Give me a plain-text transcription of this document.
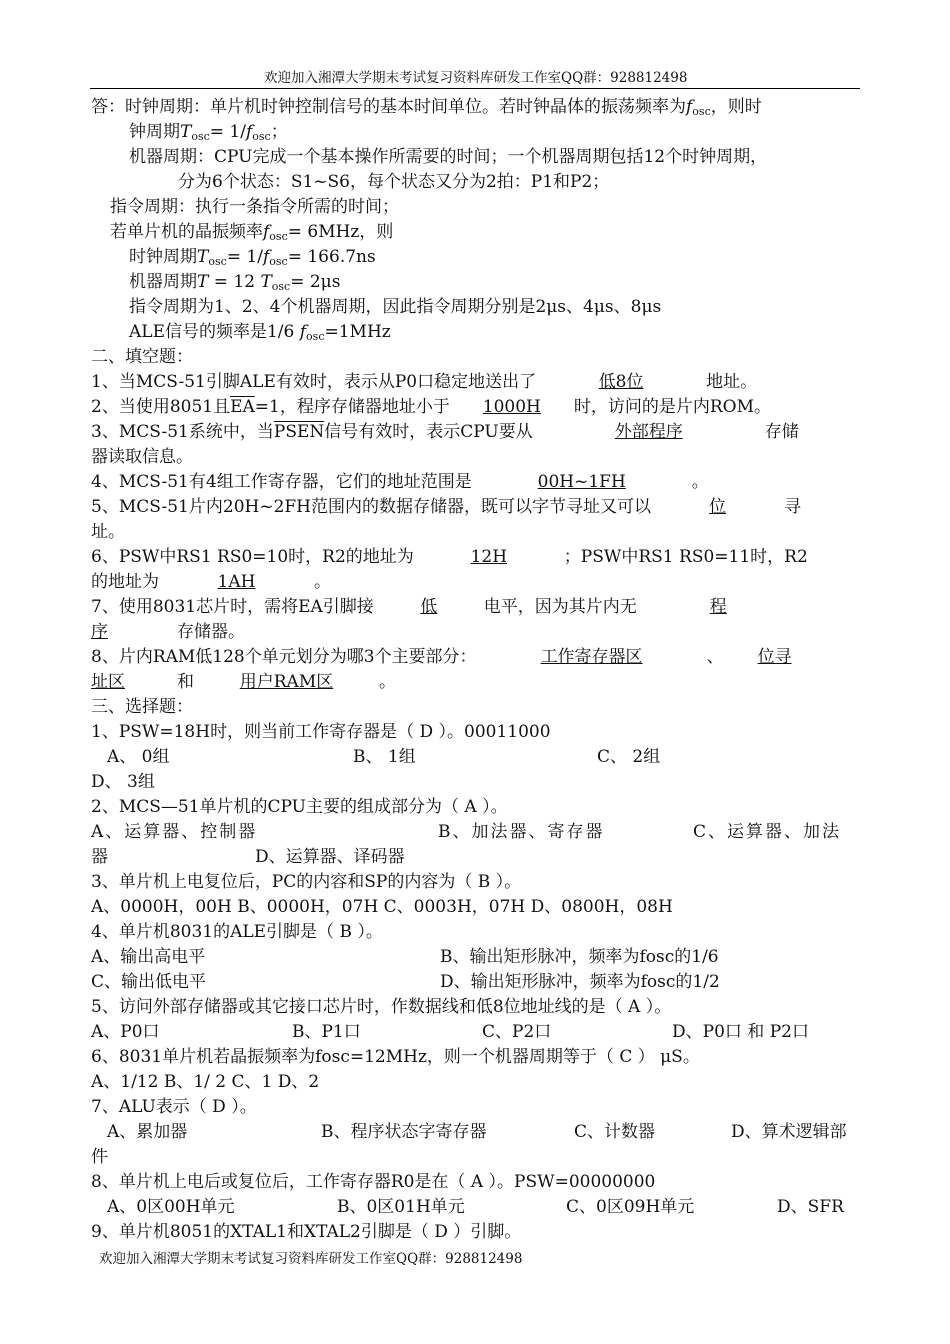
欢迎加入湘潭大学期末考试复习资料库研发工作室QQ群：928812498
答：时钟周期：单片机时钟控制信号的基本时间单位。若时钟晶体的振荡频率为$f_{osc}$，则时
钟周期$T_{osc}= 1/f_{osc}$；
机器周期：CPU完成一个基本操作所需要的时间；一个机器周期包括12个时钟周期，
分为6个状态：S1~S6，每个状态又分为2拍：P1和P2；
指令周期：执行一条指令所需的时间；
若单片机的晶振频率$f_{osc}= 6MHz$，则
时钟周期$T_{osc}= 1/f_{osc}= 166.7ns$
机器周期T = 12 $T_{osc}= 2\mu s$
指令周期为1、2、4个机器周期，因此指令周期分别是2μs、4μs、8μs
ALE信号的频率是1/6 $f_{osc}=1MHz$
二、填空题：
1、当MCS-51引脚ALE有效时，表示从P0口稳定地送出了	低8位	地址。
2、当使用8051且$\overline{EA}=1$，程序存储器地址小于 1000H 时，访问的是片内ROM。
3、MCS-51系统中，当PSEN信号有效时，表示CPU要从	外部程序	存储
器读取信息。
4、MCS-51有4组工作寄存器，它们的地址范围是	00H~1FH	。
5、MCS-51片内20H~2FH范围内的数据存储器，既可以字节寻址又可以	位	寻
址。
6、PSW中RS1 RS0=10时，R2的地址为	12H	；PSW中RS1 RS0=11时，R2
的地址为	1AH	。
7、使用8031芯片时，需将EA引脚接	低	电平，因为其片内无	程
序	存储器。
8、片内RAM低128个单元划分为哪3个主要部分：	工作寄存器区	、 位寻
址区	和	用户RAM区	。
三、选择题：
1、PSW=18H时，则当前工作寄存器是（ D ）。00011000
A、 0组	B、 1组	C、 2组
D、 3组
2、MCS—51单片机的CPU主要的组成部分为（ A ）。
A、运算器、控制器	B、加法器、寄存器	C、运算器、加法
器	D、运算器、译码器
3、单片机上电复位后，PC的内容和SP的内容为（ B ）。
A、0000H，00H B、0000H，07H C、0003H，07H D、0800H，08H
4、单片机8031的ALE引脚是（ B ）。
A、输出高电平	B、输出矩形脉冲，频率为fosc的1/6
C、输出低电平	D、输出矩形脉冲，频率为fosc的1/2
5、访问外部存储器或其它接口芯片时，作数据线和低8位地址线的是（ A ）。
A、P0口	B、P1口	C、P2口	D、P0口 和 P2口
6、8031单片机若晶振频率为fosc=12MHz，则一个机器周期等于（ C ） μS。
A、1/12 B、1/ 2 C、1 D、2
7、ALU表示（ D ）。
A、累加器	B、程序状态字寄存器	C、计数器	D、算术逻辑部
件
8、单片机上电后或复位后，工作寄存器R0是在（ A ）。PSW=00000000
A、0区00H单元	B、0区01H单元	C、0区09H单元	D、SFR
9、单片机8051的XTAL1和XTAL2引脚是（ D ）引脚。
欢迎加入湘潭大学期末考试复习资料库研发工作室QQ群：928812498
